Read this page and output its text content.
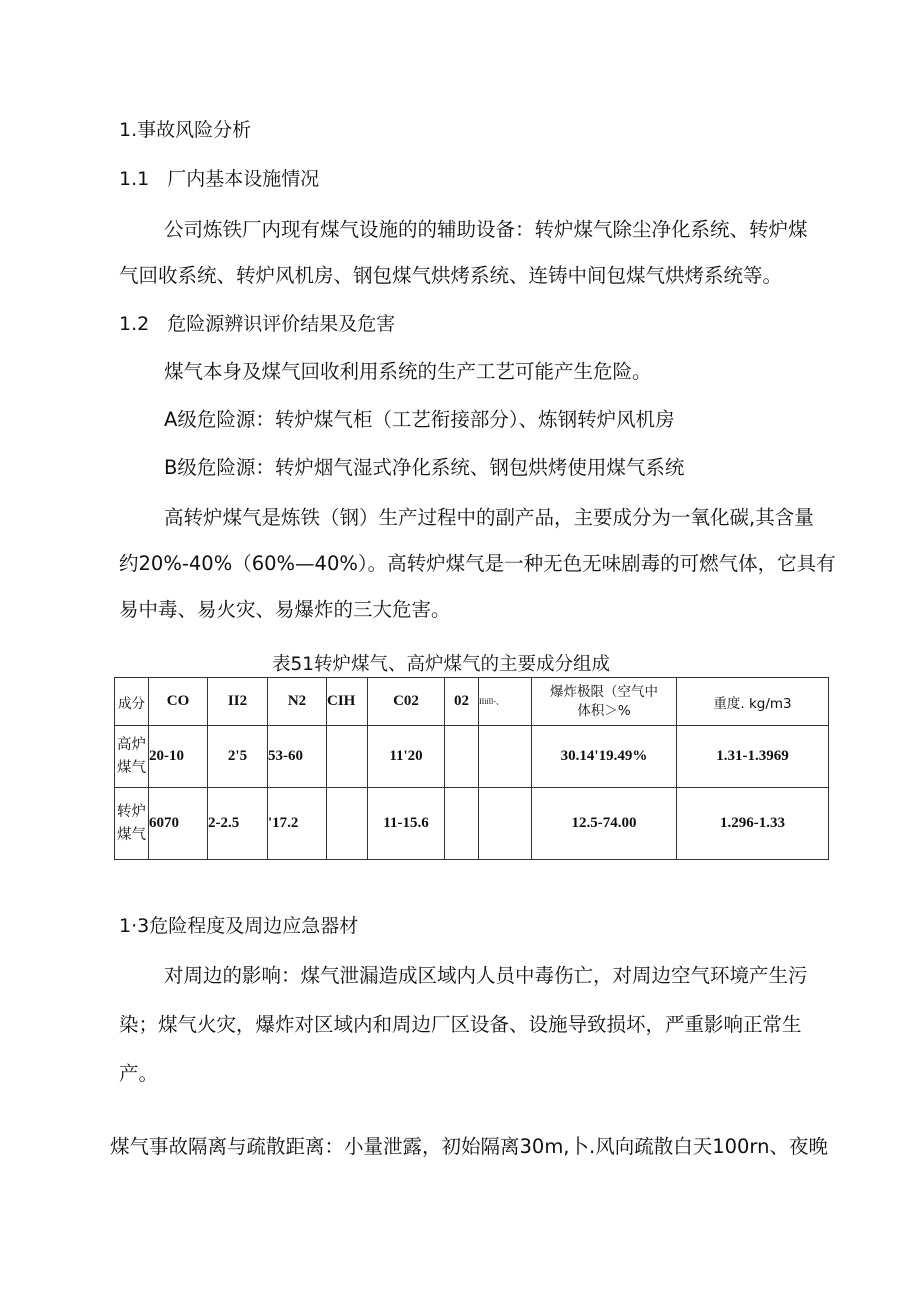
1.事故风险分析
1.1 厂内基本设施情况
公司炼铁厂内现有煤气设施的的辅助设备：转炉煤气除尘净化系统、转炉煤
气回收系统、转炉风机房、钢包煤气烘烤系统、连铸中间包煤气烘烤系统等。
1.2 危险源辨识评价结果及危害
煤气本身及煤气回收利用系统的生产工艺可能产生危险。
A级危险源：转炉煤气柜（工艺衔接部分）、炼钢转炉风机房
B级危险源：转炉烟气湿式净化系统、钢包烘烤使用煤气系统
高转炉煤气是炼铁（钢）生产过程中的副产品，主要成分为一氧化碳,其含量
约20%-40%（60%—40%）。高转炉煤气是一种无色无味剧毒的可燃气体，它具有
易中毒、易火灾、易爆炸的三大危害。
表51转炉煤气、高炉煤气的主要成分组成
成分	CO	II2	N2	CIH	C02	02	IIiill-、	爆炸极限（空气中
体积＞%	重度. kg/m3

高炉
煤气	20-10	2'5	53-60		11'20			30.14'19.49%	1.31-1.3969

转炉
煤气	6070	2-2.5	'17.2		11-15.6			12.5-74.00	1.296-1.33
1·3危险程度及周边应急器材
对周边的影响：煤气泄漏造成区域内人员中毒伤亡，对周边空气环境产生污
染；煤气火灾，爆炸对区域内和周边厂区设备、设施导致损坏，严重影响正常生
产。
煤气事故隔离与疏散距离：小量泄露，初始隔离30m,卜.风向疏散白天100rn、夜晚
